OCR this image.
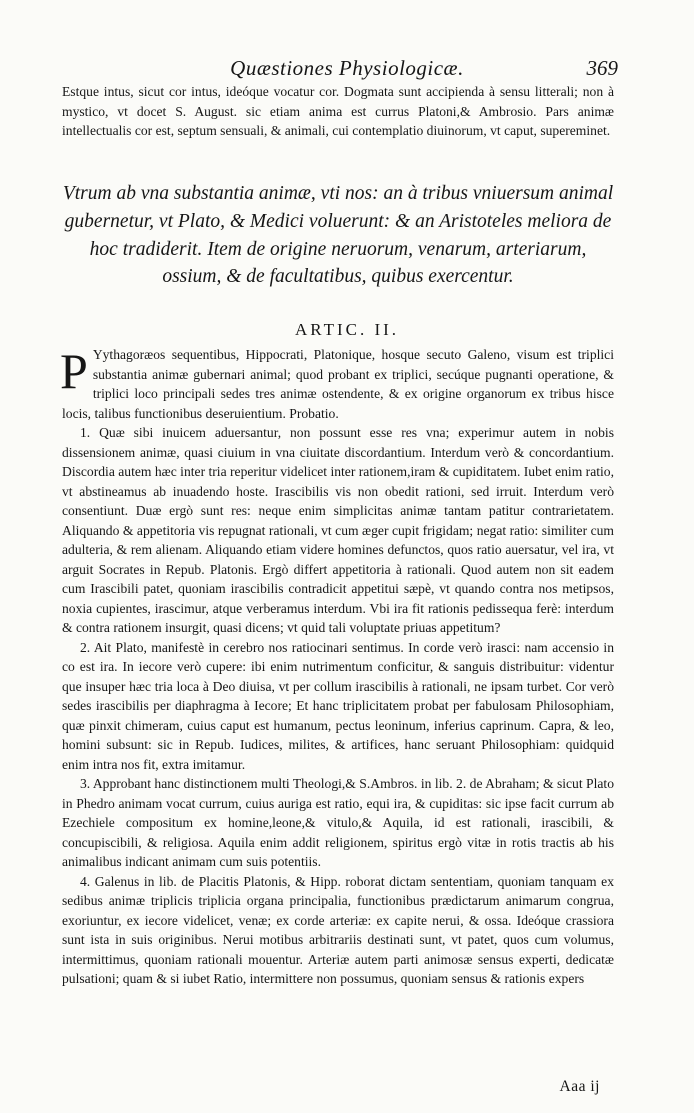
Quæstiones Physiologicæ.	369

Estque intus, sicut cor intus, ideóque vocatur cor. Dogmata sunt accipienda à sensu litterali; non à mystico, vt docet S. August. sic etiam anima est currus Platoni,& Ambrosio. Pars animæ intellectualis cor est, septum sensuali, & animali, cui contemplatio diuinorum, vt caput, supereminet.

Vtrum ab vna substantia animæ, vti nos: an à tribus vniuersum animal gubernetur, vt Plato, & Medici voluerunt: & an Aristoteles meliora de hoc tradiderit. Item de origine neruorum, venarum, arteriarum, ossium, & de facultatibus, quibus exercentur.
ARTIC. II.

P Yythagoræos sequentibus, Hippocrati, Platonique, hosque secuto Galeno, visum est triplici substantia animæ gubernari animal; quod probant ex triplici, secúque pugnanti operatione, & triplici loco principali sedes tres animæ ostendente, & ex origine organorum ex tribus hisce locis, talibus functionibus deseruientium. Probatio.

1. Quæ sibi inuicem aduersantur, non possunt esse res vna; experimur autem in nobis dissensionem animæ, quasi ciuium in vna ciuitate discordantium. Interdum verò & concordantium. Discordia autem hæc inter tria reperitur videlicet inter rationem,iram & cupiditatem. Iubet enim ratio, vt abstineamus ab inuadendo hoste. Irascibilis vis non obedit rationi, sed irruit. Interdum verò consentiunt. Duæ ergò sunt res: neque enim simplicitas animæ tantam patitur contrarietatem. Aliquando & appetitoria vis repugnat rationali, vt cum æger cupit frigidam; negat ratio: similiter cum adulteria, & rem alienam. Aliquando etiam videre homines defunctos, quos ratio auersatur, vel ira, vt arguit Socrates in Repub. Platonis. Ergò differt appetitoria à rationali. Quod autem non sit eadem cum Irascibili patet, quoniam irascibilis contradicit appetitui sæpè, vt quando contra nos metipsos, noxia cupientes, irascimur, atque verberamus interdum. Vbi ira fit rationis pedissequa ferè: interdum & contra rationem insurgit, quasi dicens; vt quid tali voluptate priuas appetitum?

2. Ait Plato, manifestè in cerebro nos ratiocinari sentimus. In corde verò irasci: nam accensio in co est ira. In iecore verò cupere: ibi enim nutrimentum conficitur, & sanguis distribuitur: videntur que insuper hæc tria loca à Deo diuisa, vt per collum irascibilis à rationali, ne ipsam turbet. Cor verò sedes irascibilis per diaphragma à Iecore; Et hanc triplicitatem probat per fabulosam Philosophiam, quæ pinxit chimeram, cuius caput est humanum, pectus leoninum, inferius caprinum. Capra, & leo, homini subsunt: sic in Repub. Iudices, milites, & artifices, hanc seruant Philosophiam: quidquid enim intra nos fit, extra imitamur.

3. Approbant hanc distinctionem multi Theologi,& S.Ambros. in lib. 2. de Abraham; & sicut Plato in Phedro animam vocat currum, cuius auriga est ratio, equi ira, & cupiditas: sic ipse facit currum ab Ezechiele compositum ex homine,leone,& vitulo,& Aquila, id est rationali, irascibili, & concupiscibili, & religiosa. Aquila enim addit religionem, spiritus ergò vitæ in rotis tractis ab his animalibus indicant animam cum suis potentiis.

4. Galenus in lib. de Placitis Platonis, & Hipp. roborat dictam sententiam, quoniam tanquam ex sedibus animæ triplicis triplicia organa principalia, functionibus prædictarum animarum congrua, exoriuntur, ex iecore videlicet, venæ; ex corde arteriæ: ex capite nerui, & ossa. Ideóque crassiora sunt ista in suis originibus. Nerui motibus arbitrariis destinati sunt, vt patet, quos cum volumus, intermittimus, quoniam rationali mouentur. Arteriæ autem parti animosæ sensus experti, dedicatæ pulsationi; quam & si iubet Ratio, intermittere non possumus, quoniam sensus & rationis expers

Aaa ij
